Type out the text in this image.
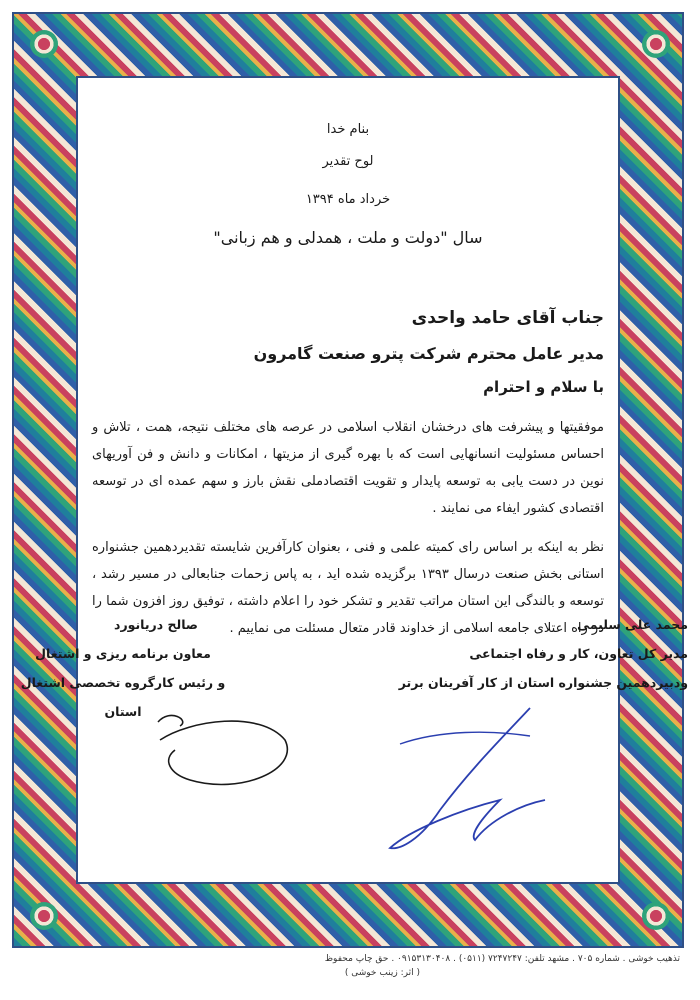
بنام خدا
لوح تقدیر
خرداد ماه ۱۳۹۴
سال "دولت و ملت ، همدلی و هم زبانی"
جناب آقای حامد واحدی
مدیر عامل محترم شرکت پترو صنعت گامرون
با سلام و احترام
موفقیتها و پیشرفت های درخشان انقلاب اسلامی در عرصه های مختلف نتیجه، همت ، تلاش و احساس مسئولیت انسانهایی است که با بهره گیری از مزیتها ، امکانات و دانش و فن آوریهای نوین در دست یابی به توسعه پایدار و تقویت اقتصادملی نقش بارز و سهم عمده ای در توسعه اقتصادی کشور ایفاء می نمایند .
نظر به اینکه بر اساس رای کمیته علمی و فنی ، بعنوان کارآفرین شایسته تقدیردهمین جشنواره استانی بخش صنعت درسال ۱۳۹۳ برگزیده شده اید ، به پاس زحمات جنابعالی در مسیر رشد ، توسعه و بالندگی این استان مراتب تقدیر و تشکر خود را اعلام داشته ، توفیق روز افزون شما را در راه اعتلای جامعه اسلامی از خداوند قادر متعال مسئلت می نماییم .
محمد علی سلیمی
مدیر کل تعاون، کار و رفاه اجتماعی
ودبیردهمین جشنواره استان از کار آفرینان برتر
صالح دریانورد
معاون برنامه ریزی و اشتغال
و رئیس کارگروه تخصصی اشتغال استان
تذهیب خوشی . شماره ۷۰۵ . مشهد تلفن: ۷۲۴۷۲۴۷ (۰۵۱۱) . ۰۹۱۵۳۱۳۰۴۰۸ . حق چاپ محفوظ
( اثر: زینب خوشی )
